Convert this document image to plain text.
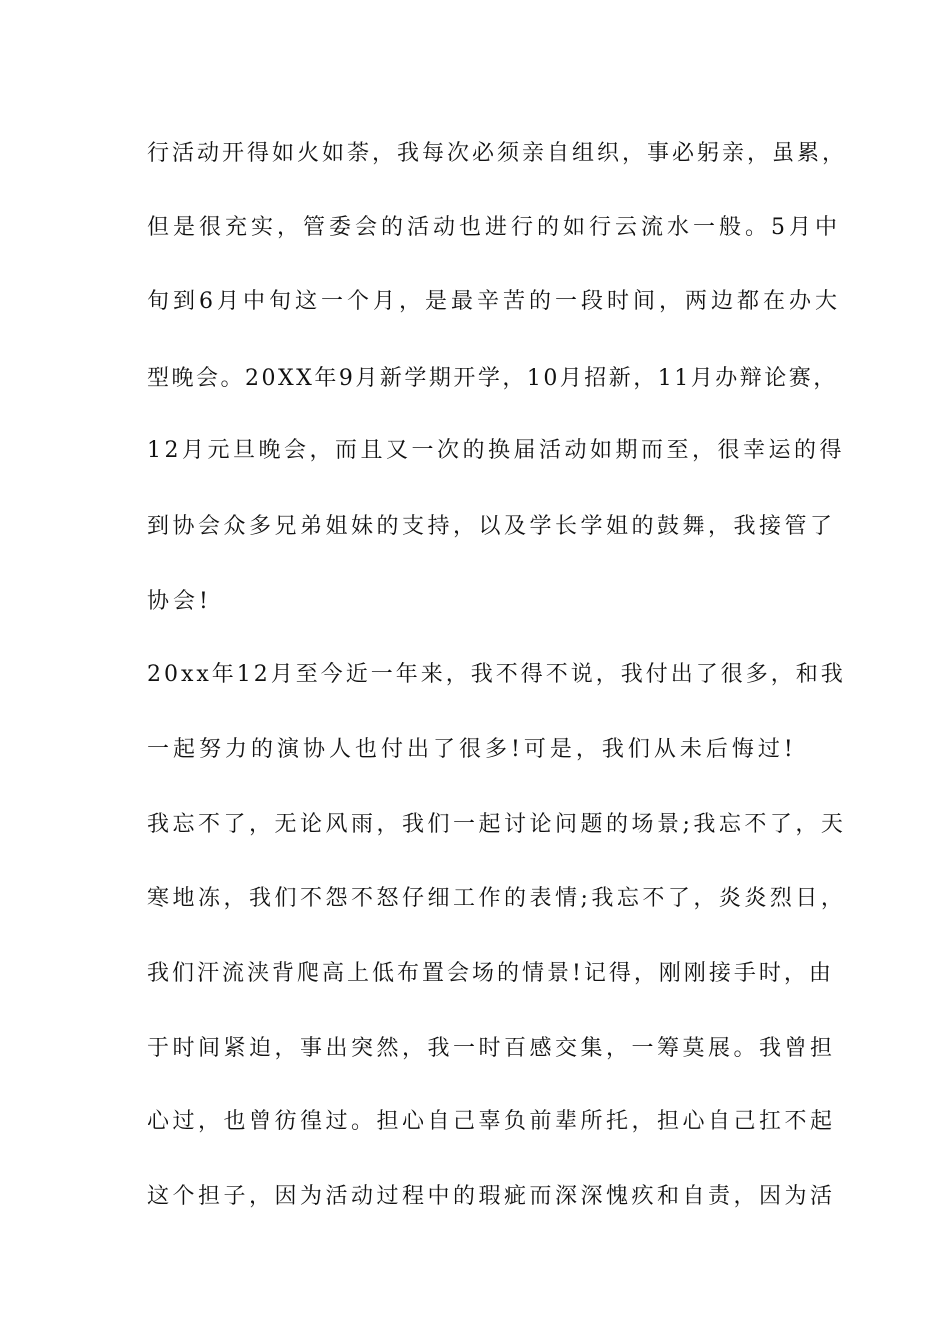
行活动开得如火如荼，我每次必须亲自组织，事必躬亲，虽累，
但是很充实，管委会的活动也进行的如行云流水一般。5月中
旬到6月中旬这一个月，是最辛苦的一段时间，两边都在办大
型晚会。20XX年9月新学期开学，10月招新，11月办辩论赛，
12月元旦晚会，而且又一次的换届活动如期而至，很幸运的得
到协会众多兄弟姐妹的支持，以及学长学姐的鼓舞，我接管了
协会!
20xx年12月至今近一年来，我不得不说，我付出了很多，和我
一起努力的演协人也付出了很多!可是，我们从未后悔过!
我忘不了，无论风雨，我们一起讨论问题的场景;我忘不了，天
寒地冻，我们不怨不怒仔细工作的表情;我忘不了，炎炎烈日，
我们汗流浃背爬高上低布置会场的情景!记得，刚刚接手时，由
于时间紧迫，事出突然，我一时百感交集，一筹莫展。我曾担
心过，也曾彷徨过。担心自己辜负前辈所托，担心自己扛不起
这个担子，因为活动过程中的瑕疵而深深愧疚和自责，因为活
